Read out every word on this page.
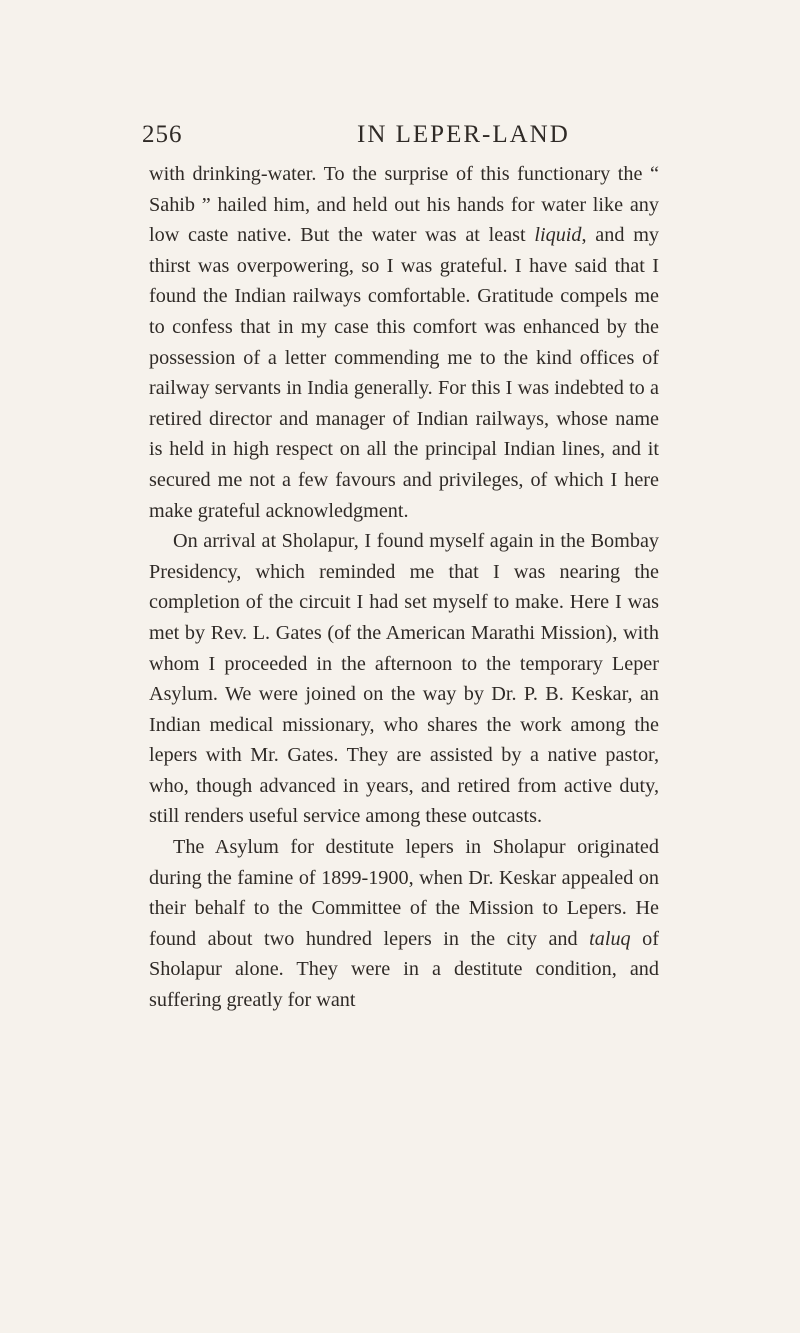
256	IN LEPER-LAND

with drinking-water. To the surprise of this functionary the “ Sahib ” hailed him, and held out his hands for water like any low caste native. But the water was at least liquid, and my thirst was overpowering, so I was grateful. I have said that I found the Indian railways comfortable. Gratitude compels me to confess that in my case this comfort was enhanced by the possession of a letter commending me to the kind offices of railway servants in India generally. For this I was indebted to a retired director and manager of Indian railways, whose name is held in high respect on all the principal Indian lines, and it secured me not a few favours and privileges, of which I here make grateful acknowledgment.

On arrival at Sholapur, I found myself again in the Bombay Presidency, which reminded me that I was nearing the completion of the circuit I had set myself to make. Here I was met by Rev. L. Gates (of the American Marathi Mission), with whom I proceeded in the afternoon to the temporary Leper Asylum. We were joined on the way by Dr. P. B. Keskar, an Indian medical missionary, who shares the work among the lepers with Mr. Gates. They are assisted by a native pastor, who, though advanced in years, and retired from active duty, still renders useful service among these outcasts.

The Asylum for destitute lepers in Sholapur originated during the famine of 1899-1900, when Dr. Keskar appealed on their behalf to the Committee of the Mission to Lepers. He found about two hundred lepers in the city and taluq of Sholapur alone. They were in a destitute condition, and suffering greatly for want
